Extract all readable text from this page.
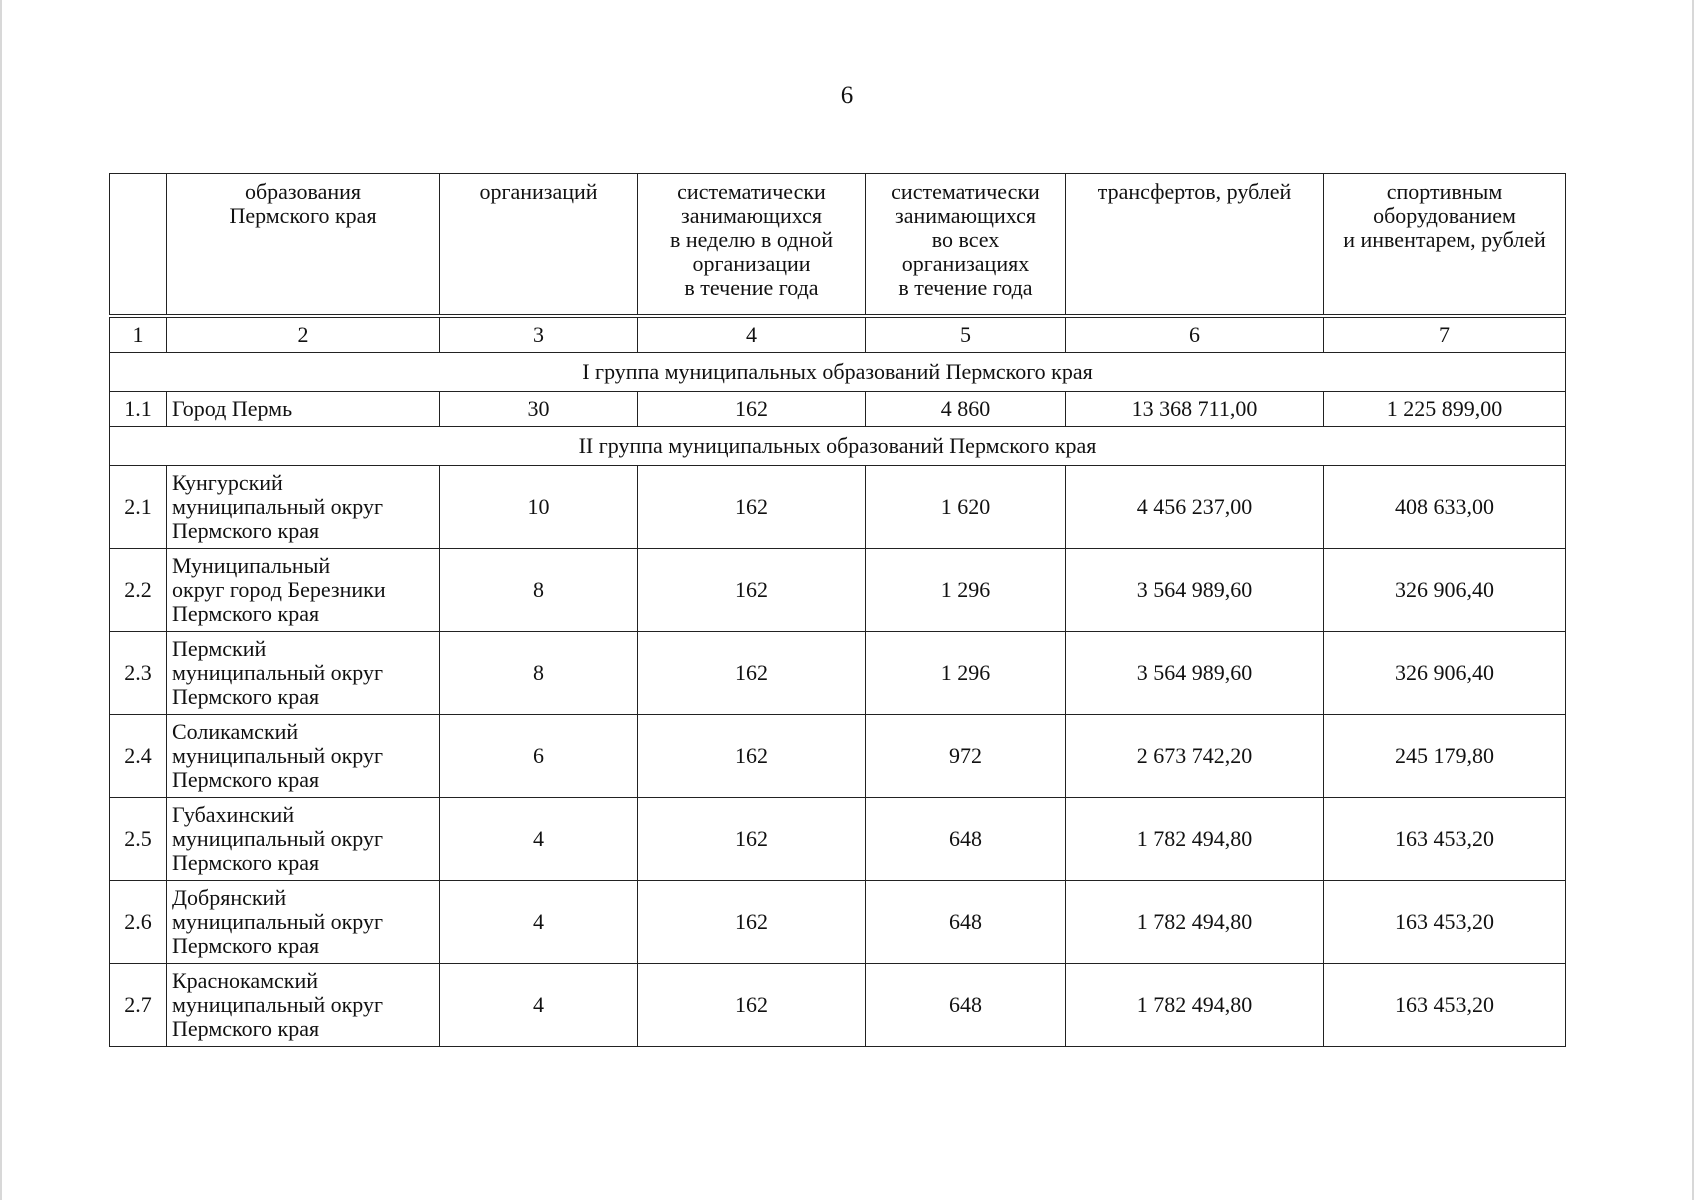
6
	образования
Пермского края	организаций	систематически
занимающихся
в неделю в одной
организации
в течение года	систематически
занимающихся
во всех
организациях
в течение года	трансфертов, рублей	спортивным
оборудованием
и инвентарем, рублей
1	2	3	4	5	6	7
I группа муниципальных образований Пермского края						
1.1	Город Пермь	30	162	4 860	13 368 711,00	1 225 899,00
II группа муниципальных образований Пермского края						
2.1	Кунгурский
муниципальный округ
Пермского края	10	162	1 620	4 456 237,00	408 633,00
2.2	Муниципальный
округ город Березники
Пермского края	8	162	1 296	3 564 989,60	326 906,40
2.3	Пермский
муниципальный округ
Пермского края	8	162	1 296	3 564 989,60	326 906,40
2.4	Соликамский
муниципальный округ
Пермского края	6	162	972	2 673 742,20	245 179,80
2.5	Губахинский
муниципальный округ
Пермского края	4	162	648	1 782 494,80	163 453,20
2.6	Добрянский
муниципальный округ
Пермского края	4	162	648	1 782 494,80	163 453,20
2.7	Краснокамский
муниципальный округ
Пермского края	4	162	648	1 782 494,80	163 453,20
